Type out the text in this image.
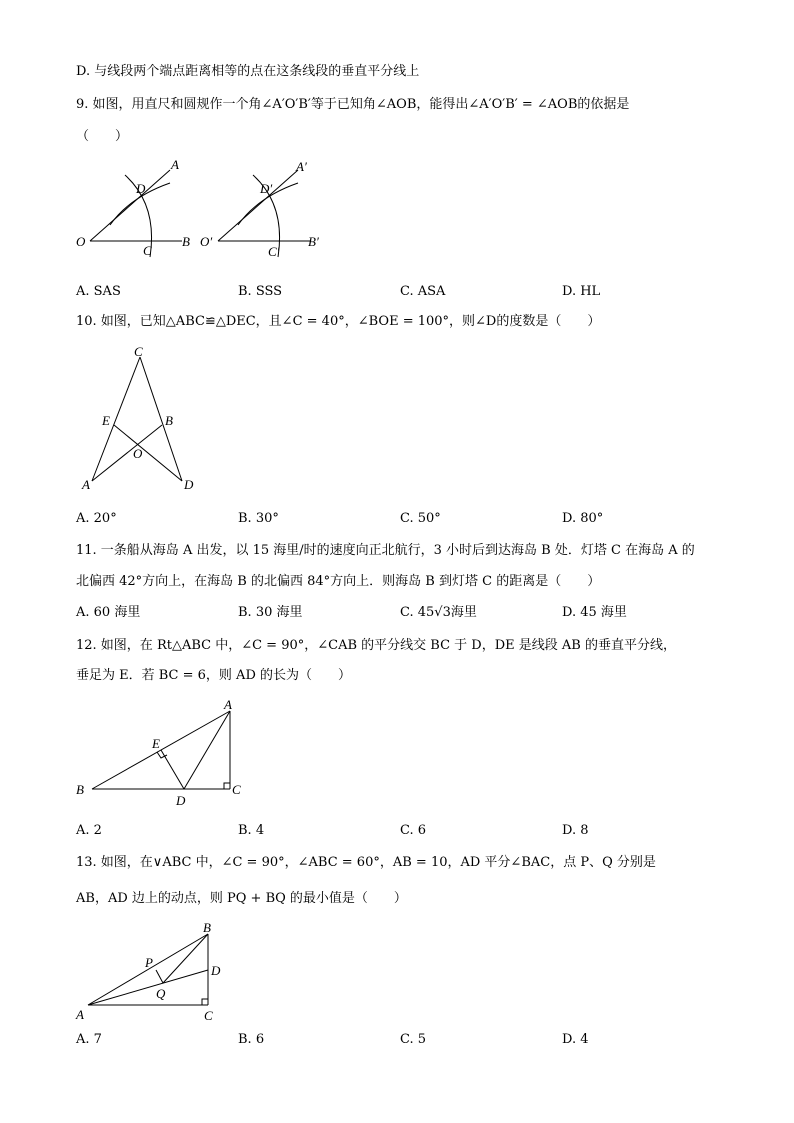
D. 与线段两个端点距离相等的点在这条线段的垂直平分线上
9. 如图，用直尺和圆规作一个角∠A′O′B′等于已知角∠AOB，能得出∠A′O′B′ = ∠AOB的依据是
（　　）
O
A
B
C
D
O′
A′
B′
C′
D′
A. SAS	B. SSS	C. ASA	D. HL
10. 如图，已知△ABC≌△DEC，且∠C = 40°，∠BOE = 100°，则∠D的度数是（　　）
C
E	B
O
A	D
A. 20°	B. 30°	C. 50°	D. 80°
11. 一条船从海岛 A 出发，以 15 海里/时的速度向正北航行，3 小时后到达海岛 B 处．灯塔 C 在海岛 A 的
北偏西 42°方向上，在海岛 B 的北偏西 84°方向上．则海岛 B 到灯塔 C 的距离是（　　）
A. 60 海里	B. 30 海里	C. 45√3海里	D. 45 海里
12. 如图，在 Rt△ABC 中，∠C = 90°，∠CAB 的平分线交 BC 于 D，DE 是线段 AB 的垂直平分线，
垂足为 E．若 BC = 6，则 AD 的长为（　　）
A
E
B
D
C
A. 2	B. 4	C. 6	D. 8
13. 如图，在∨ABC 中，∠C = 90°，∠ABC = 60°，AB = 10，AD 平分∠BAC，点 P、Q 分别是
AB，AD 边上的动点，则 PQ + BQ 的最小值是（　　）
B
P
D
Q
A	C
A. 7	B. 6	C. 5	D. 4
